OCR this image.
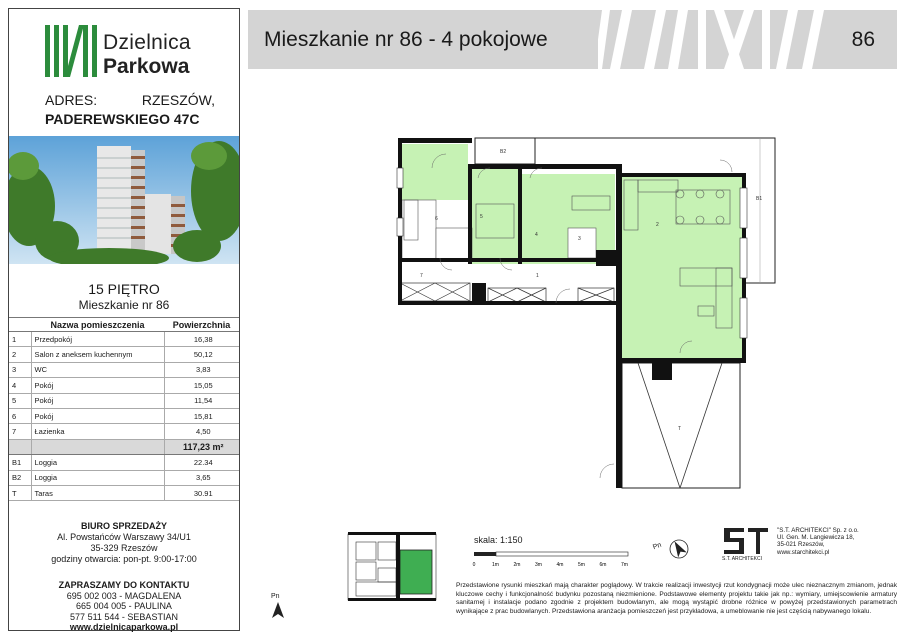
Dzielnica
Parkowa
ADRES:	RZESZÓW,
PADEREWSKIEGO 47C
15 PIĘTRO
Mieszkanie nr 86
	Nazwa pomieszczenia	Powierzchnia
1	Przedpokój	16,38
2	Salon z aneksem kuchennym	50,12
3	WC	3,83
4	Pokój	15,05
5	Pokój	11,54
6	Pokój	15,81
7	Łazienka	4,50
		117,23 m²
B1	Loggia	22.34
B2	Loggia	3,65
T	Taras	30.91
BIURO SPRZEDAŻY
Al. Powstańców Warszawy 34/U1
35-329 Rzeszów
godziny otwarcia: pon-pt. 9:00-17:00
ZAPRASZAMY DO KONTAKTU
695 002 003 - MAGDALENA
665 004 005 - PAULINA
577 511 544 - SEBASTIAN
www.dzielnicaparkowa.pl
Mieszkanie nr 86 - 4 pokojowe	86
6	5
4
1
2
7
3
B2
B1
T
Pn
skala: 1:150
0	1m	2m	3m	4m	5m	6m	7m
Pn
S.T. ARCHITEKCI
"S.T. ARCHITEKCI" Sp. z o.o.
Ul. Gen. M. Langiewicza 18,
35-021 Rzeszów,
www.starchitekci.pl
Przedstawione rysunki mieszkań mają charakter poglądowy. W trakcie realizacji inwestycji rzut kondygnacji może ulec nieznacznym zmianom, jednak kluczowe cechy i funkcjonalność budynku pozostaną niezmienione. Podstawowe elementy projektu takie jak np.: wymiary, umiejscowienie armatury sanitarnej i instalacje podano zgodnie z projektem budowlanym, ale mogą wystąpić drobne różnice w powyżej przedstawionych parametrach wynikające z prac budowlanych. Przedstawiona aranżacja pomieszczeń jest przykładowa, a umeblowanie nie jest częścią nabywanego lokalu.
